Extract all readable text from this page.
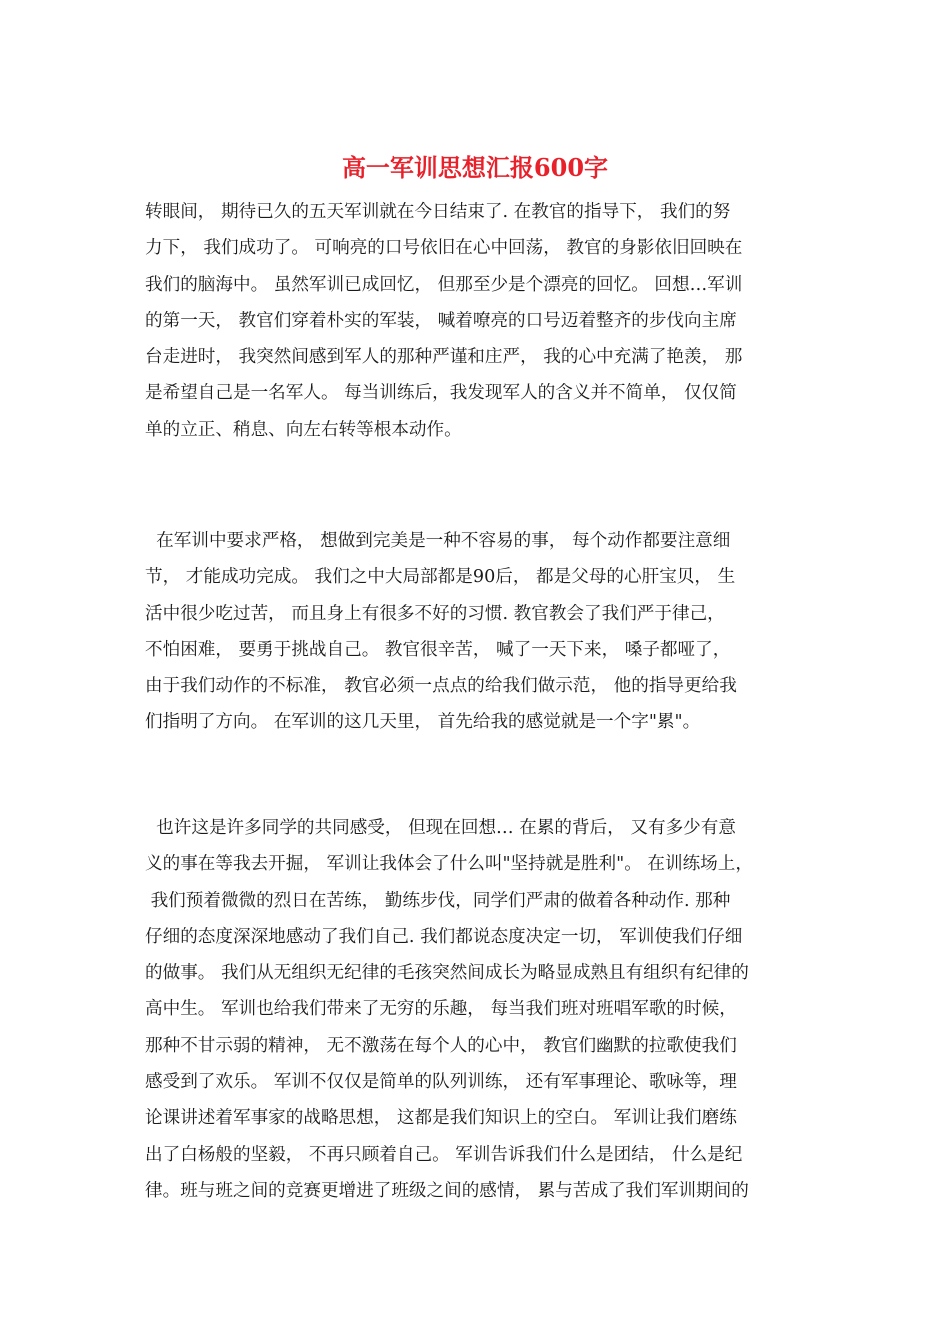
高一军训思想汇报600字
转眼间， 期待已久的五天军训就在今日结束了. 在教官的指导下， 我们的努
力下， 我们成功了。 可响亮的口号依旧在心中回荡， 教官的身影依旧回映在
我们的脑海中。 虽然军训已成回忆， 但那至少是个漂亮的回忆。 回想…军训
的第一天， 教官们穿着朴实的军装， 喊着嘹亮的口号迈着整齐的步伐向主席
台走进时， 我突然间感到军人的那种严谨和庄严， 我的心中充满了艳羡， 那
是希望自己是一名军人。 每当训练后，我发现军人的含义并不简单， 仅仅简
单的立正、稍息、向左右转等根本动作。
在军训中要求严格， 想做到完美是一种不容易的事， 每个动作都要注意细
节， 才能成功完成。 我们之中大局部都是90后， 都是父母的心肝宝贝， 生
活中很少吃过苦， 而且身上有很多不好的习惯. 教官教会了我们严于律己，
不怕困难， 要勇于挑战自己。 教官很辛苦， 喊了一天下来， 嗓子都哑了，
由于我们动作的不标准， 教官必须一点点的给我们做示范， 他的指导更给我
们指明了方向。 在军训的这几天里， 首先给我的感觉就是一个字"累"。
也许这是许多同学的共同感受， 但现在回想… 在累的背后， 又有多少有意
义的事在等我去开掘， 军训让我体会了什么叫"坚持就是胜利"。 在训练场上，
我们预着微微的烈日在苦练， 勤练步伐，同学们严肃的做着各种动作. 那种
仔细的态度深深地感动了我们自己. 我们都说态度决定一切， 军训使我们仔细
的做事。 我们从无组织无纪律的毛孩突然间成长为略显成熟且有组织有纪律的
高中生。 军训也给我们带来了无穷的乐趣， 每当我们班对班唱军歌的时候，
那种不甘示弱的精神， 无不激荡在每个人的心中， 教官们幽默的拉歌使我们
感受到了欢乐。 军训不仅仅是简单的队列训练， 还有军事理论、歌咏等，理
论课讲述着军事家的战略思想， 这都是我们知识上的空白。 军训让我们磨练
出了白杨般的坚毅， 不再只顾着自己。 军训告诉我们什么是团结， 什么是纪
律。班与班之间的竞赛更增进了班级之间的感情， 累与苦成了我们军训期间的
